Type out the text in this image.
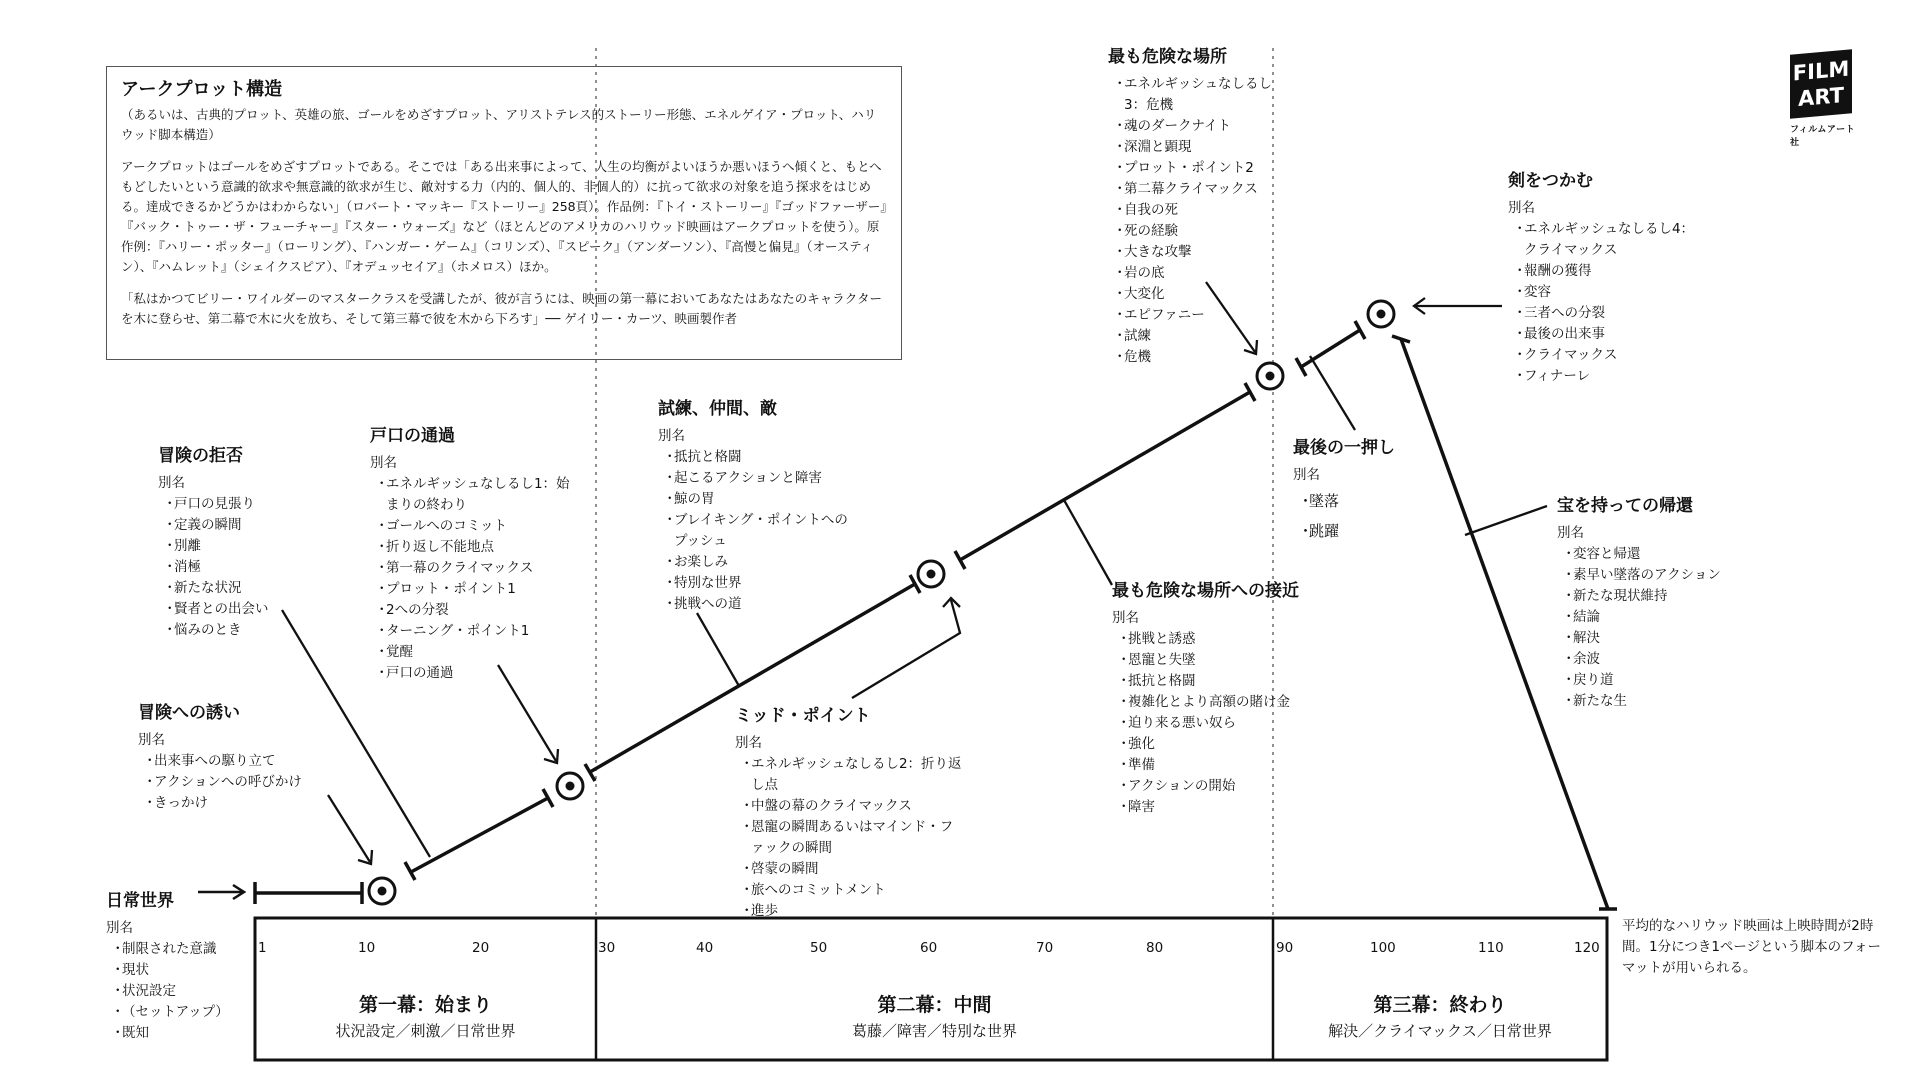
アークプロット構造

（あるいは、古典的プロット、英雄の旅、ゴールをめざすプロット、アリストテレス的ストーリー形態、エネルゲイア・プロット、ハリウッド脚本構造）

アークプロットはゴールをめざすプロットである。そこでは「ある出来事によって、人生の均衡がよいほうか悪いほうへ傾くと、もとへもどしたいという意識的欲求や無意識的欲求が生じ、敵対する力（内的、個人的、非個人的）に抗って欲求の対象を追う探求をはじめる。達成できるかどうかはわからない」（ロバート・マッキー『ストーリー』258頁）。作品例：『トイ・ストーリー』『ゴッドファーザー』『バック・トゥー・ザ・フューチャー』『スター・ウォーズ』など（ほとんどのアメリカのハリウッド映画はアークプロットを使う）。原作例：『ハリー・ポッター』（ローリング）、『ハンガー・ゲーム』（コリンズ）、『スピーク』（アンダーソン）、『高慢と偏見』（オースティン）、『ハムレット』（シェイクスピア）、『オデュッセイア』（ホメロス）ほか。

「私はかつてビリー・ワイルダーのマスタークラスを受講したが、彼が言うには、映画の第一幕においてあなたはあなたのキャラクターを木に登らせ、第二幕で木に火を放ち、そして第三幕で彼を木から下ろす」── ゲイリー・カーツ、映画製作者

FILM
ART
フィルムアート社
日常世界
別名
・ 制限された意識
・ 現状
・ 状況設定
・ （セットアップ）
・ 既知
冒険への誘い
別名
・ 出来事への駆り立て
・ アクションへの呼びかけ
・ きっかけ
冒険の拒否
別名
・ 戸口の見張り
・ 定義の瞬間
・ 別離
・ 消極
・ 新たな状況
・ 賢者との出会い
・ 悩みのとき
戸口の通過
別名
・ エネルギッシュなしるし1：始まりの終わり
・ ゴールへのコミット
・ 折り返し不能地点
・ 第一幕のクライマックス
・ プロット・ポイント1
・ 2への分裂
・ ターニング・ポイント1
・ 覚醒
・ 戸口の通過
試練、仲間、敵
別名
・ 抵抗と格闘
・ 起こるアクションと障害
・ 鯨の胃
・ ブレイキング・ポイントへのプッシュ
・ お楽しみ
・ 特別な世界
・ 挑戦への道
ミッド・ポイント
別名
・ エネルギッシュなしるし2：折り返し点
・ 中盤の幕のクライマックス
・ 恩寵の瞬間あるいはマインド・ファックの瞬間
・ 啓蒙の瞬間
・ 旅へのコミットメント
・ 進歩
最も危険な場所への接近
別名
・ 挑戦と誘惑
・ 恩寵と失墜
・ 抵抗と格闘
・ 複雑化とより高額の賭け金
・ 迫り来る悪い奴ら
・ 強化
・ 準備
・ アクションの開始
・ 障害
最も危険な場所
・ エネルギッシュなしるし3：危機
・ 魂のダークナイト
・ 深淵と顕現
・ プロット・ポイント2
・ 第二幕クライマックス
・ 自我の死
・ 死の経験
・ 大きな攻撃
・ 岩の底
・ 大変化
・ エピファニー
・ 試練
・ 危機
最後の一押し
別名
・ 墜落
・ 跳躍
剣をつかむ
別名
・ エネルギッシュなしるし4：クライマックス
・ 報酬の獲得
・ 変容
・ 三者への分裂
・ 最後の出来事
・ クライマックス
・ フィナーレ
宝を持っての帰還
別名
・ 変容と帰還
・ 素早い墜落のアクション
・ 新たな現状維持
・ 結論
・ 解決
・ 余波
・ 戻り道
・ 新たな生
1	10	20	30	40	50	60	70	80	90	100	110	120
第一幕：始まり
状況設定／刺激／日常世界
第二幕：中間
葛藤／障害／特別な世界
第三幕：終わり
解決／クライマックス／日常世界
平均的なハリウッド映画は上映時間が2時間。1分につき1ページという脚本のフォーマットが用いられる。
